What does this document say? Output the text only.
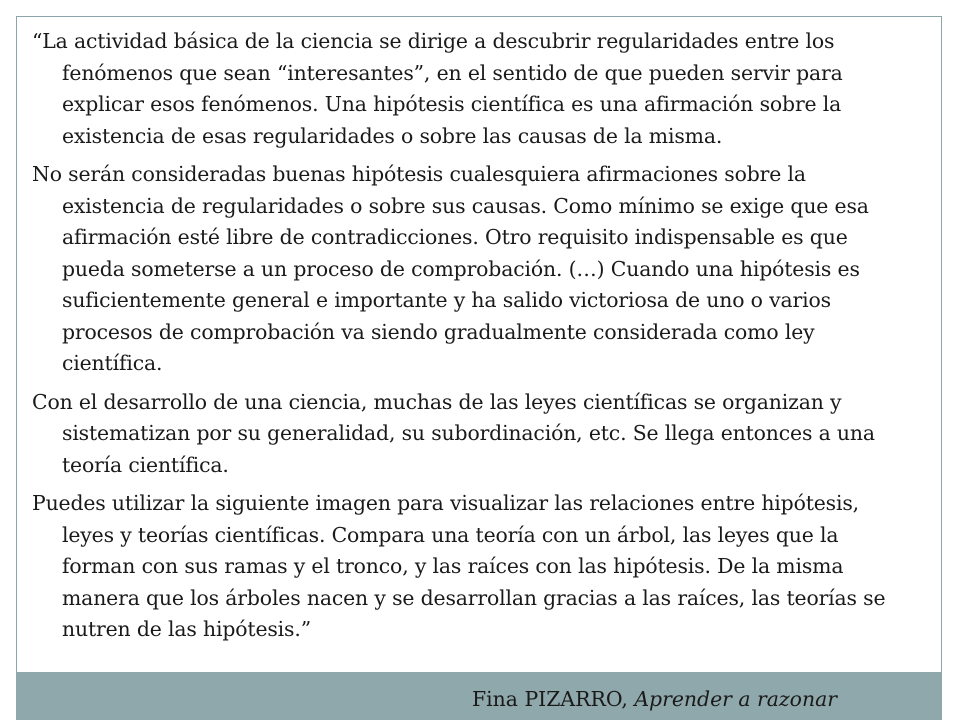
“La actividad básica de la ciencia se dirige a descubrir regularidades entre los fenómenos que sean “interesantes”, en el sentido de que pueden servir para explicar esos fenómenos. Una hipótesis científica es una afirmación sobre la existencia de esas regularidades o sobre las causas de la misma.

No serán consideradas buenas hipótesis cualesquiera afirmaciones sobre la existencia de regularidades o sobre sus causas. Como mínimo se exige que esa afirmación esté libre de contradicciones. Otro requisito indispensable es que pueda someterse a un proceso de comprobación. (…) Cuando una hipótesis es suficientemente general e importante y ha salido victoriosa de uno o varios procesos de comprobación va siendo gradualmente considerada como ley científica.

Con el desarrollo de una ciencia, muchas de las leyes científicas se organizan y sistematizan por su generalidad, su subordinación, etc. Se llega entonces a una teoría científica.

Puedes utilizar la siguiente imagen para visualizar las relaciones entre hipótesis, leyes y teorías científicas. Compara una teoría con un árbol, las leyes que la forman con sus ramas y el tronco, y las raíces con las hipótesis. De la misma manera que los árboles nacen y se desarrollan gracias a las raíces, las teorías se nutren de las hipótesis.”

Fina PIZARRO, Aprender a razonar
